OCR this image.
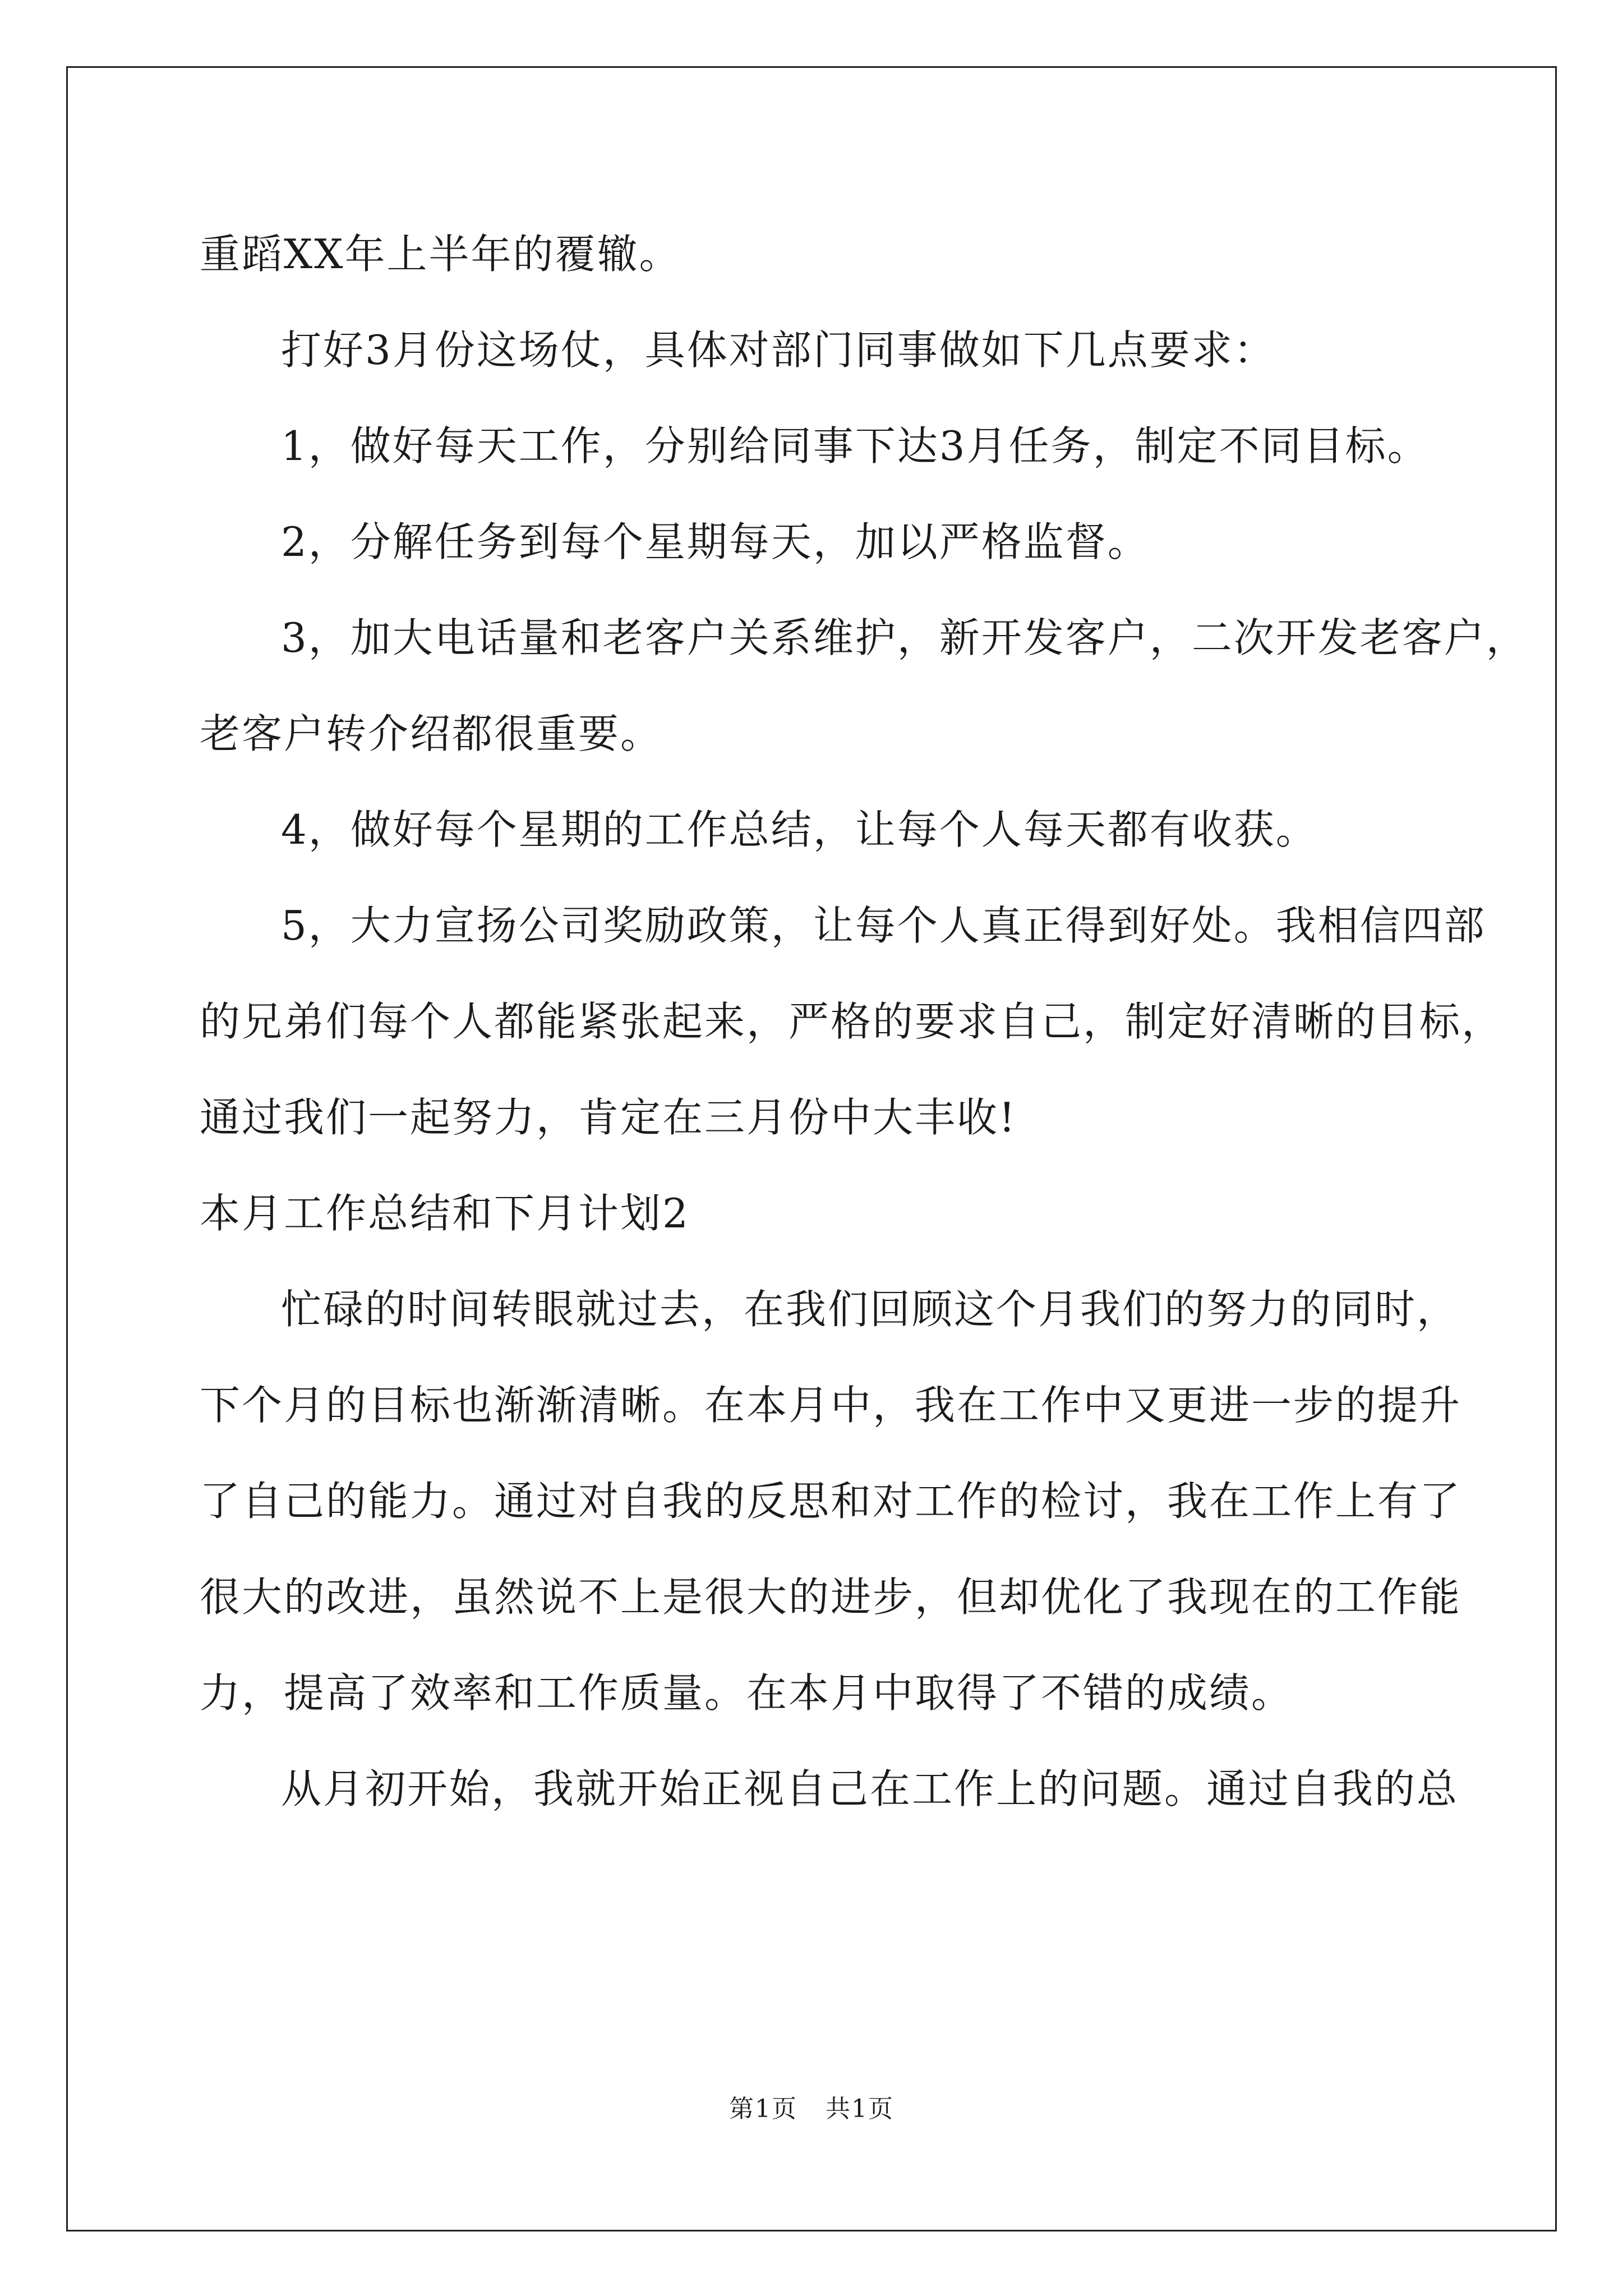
重蹈XX年上半年的覆辙。
打好3月份这场仗，具体对部门同事做如下几点要求：
1，做好每天工作，分别给同事下达3月任务，制定不同目标。
2，分解任务到每个星期每天，加以严格监督。
3，加大电话量和老客户关系维护，新开发客户，二次开发老客户，
老客户转介绍都很重要。
4，做好每个星期的工作总结，让每个人每天都有收获。
5，大力宣扬公司奖励政策，让每个人真正得到好处。我相信四部
的兄弟们每个人都能紧张起来，严格的要求自己，制定好清晰的目标，
通过我们一起努力，肯定在三月份中大丰收!
本月工作总结和下月计划2
忙碌的时间转眼就过去，在我们回顾这个月我们的努力的同时，
下个月的目标也渐渐清晰。在本月中，我在工作中又更进一步的提升
了自己的能力。通过对自我的反思和对工作的检讨，我在工作上有了
很大的改进，虽然说不上是很大的进步，但却优化了我现在的工作能
力，提高了效率和工作质量。在本月中取得了不错的成绩。
从月初开始，我就开始正视自己在工作上的问题。通过自我的总
第1页 共1页
